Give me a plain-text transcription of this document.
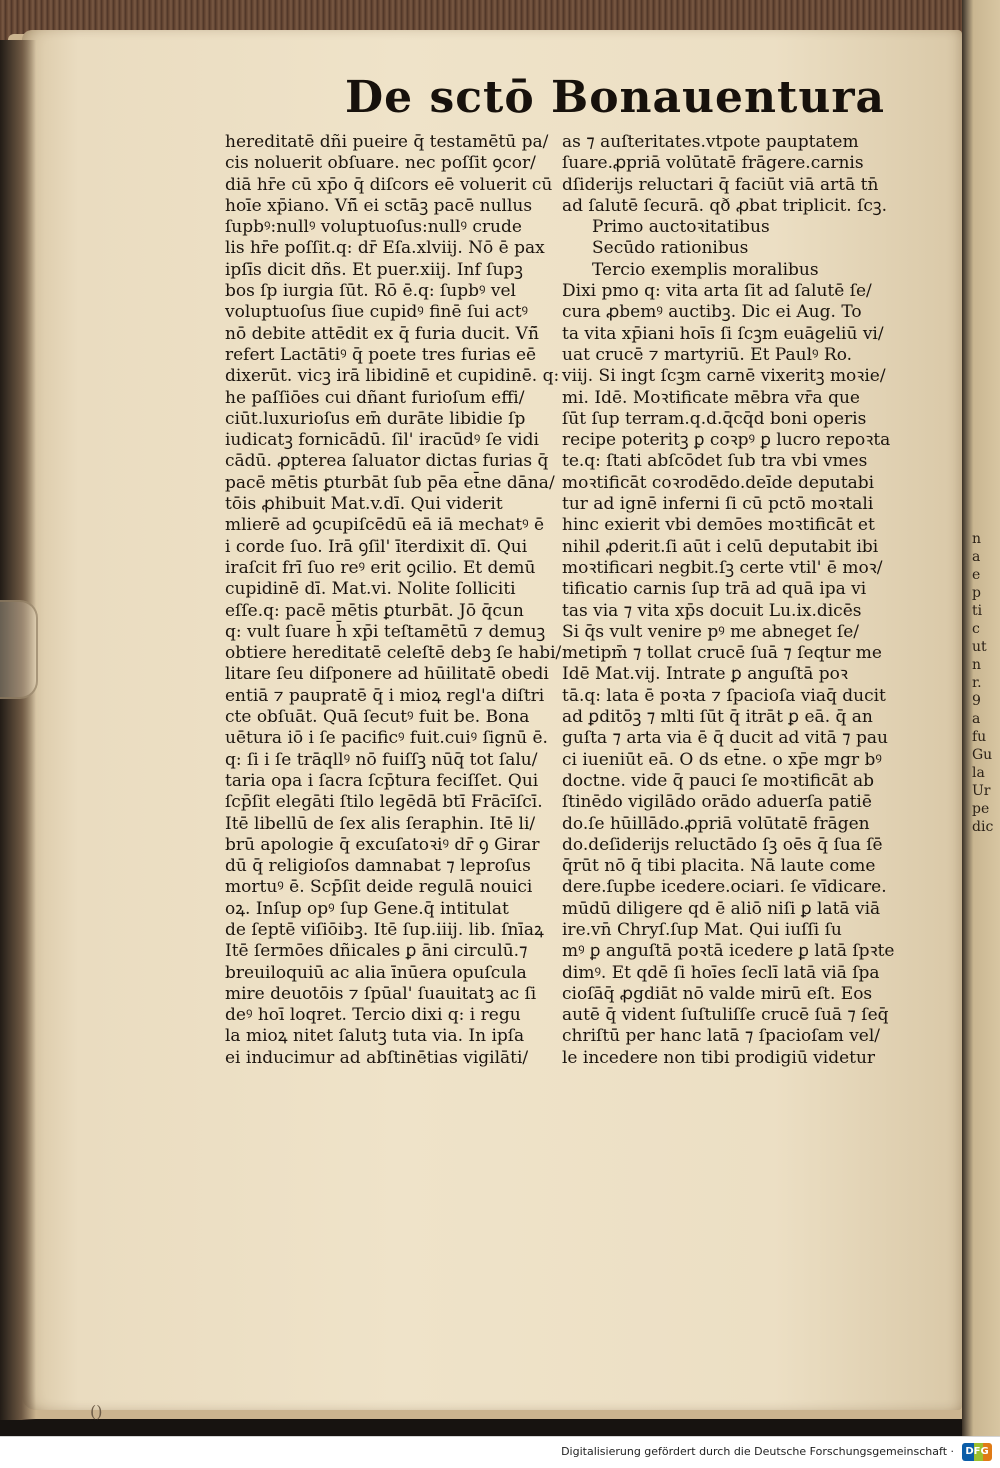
n
a
e
p
ti
c
ut
n
r.
9
a
fu
Gu
la
Ur
pe
dic
De sctō Bonauentura
hereditatē dñi pueire q̄ testamētū pa/
cis noluerit obſuare. nec poſſit ꝯcor/
diā hr̄e cū xp̄o q̄ diſcors eē voluerit cū
hoīe xp̄iano. Vñ̄ ei sctāꝫ pacē nullus
ſupbꝰ:nullꝰ voluptuoſus:nullꝰ crude
lis hr̄e poſſit.q: dr̄ Eſa.xlviij. Nō ē pax
ipſīs dicit dñs. Et puer.xiij. Inf ſupꝫ
bos ſp iurgia ſūt. Rō ē.q: ſupbꝰ vel
voluptuoſus ſiue cupidꝰ finē ſui actꝰ
nō debite attēdit ex q̄ furia ducit. Vñ̄
refert Lactātiꝰ q̄ poete tres furias eē
dixerūt. vicꝫ irā libidinē et cupidinē. q:
he paſſiōes cui dñant furioſum effi/
ciūt.luxurioſus em̄ durāte libidie ſp
iudicatꝫ fornicādū. ſil' iracūdꝰ ſe vidi
cādū. ꝓpterea ſaluator dictas furias q̄
pacē mētis ꝑturbāt ſub pēa et̄ne dāna/
tōis ꝓhibuit Mat.v.dī. Qui viderit
mlierē ad ꝯcupiſcēdū eā iā mechatꝰ ē
i corde ſuo. Irā ꝯſil' īterdixit dī. Qui
iraſcit frī ſuo reꝰ erit ꝯcilio. Et demū
cupidinē dī. Mat.vi. Nolite ſolliciti
eſſe.q: pacē mētis ꝑturbāt. Jō q̄cun
q: vult ſuare h̄ xp̄i teſtamētū ⁊ demuꝫ
obtiere hereditatē celeſtē debꝫ ſe habi/
litare ſeu diſponere ad hūilitatē obedi
entiā ⁊ paupratē q̄ i mioꝝ regl'a diſtri
cte obſuāt. Quā ſecutꝰ fuit be. Bona
uētura iō i ſe pacificꝰ fuit.cuiꝰ ſignū ē.
q: ſi i ſe trāqllꝰ nō fuiſſꝫ nūq̄ tot ſalu/
taria opa i ſacra ſcp̄tura feciſſet. Qui
ſcp̄ſit elegāti ſtilo legēdā btī Frācīſcī.
Itē libellū de ſex alis ſeraphin. Itē li/
brū apologie q̄ excuſatoꝛiꝰ dr̄ ꝯ Girar
dū q̄ religioſos damnabat ⁊ leproſus
mortuꝰ ē. Scp̄ſit deide regulā nouici
oꝝ. Inſup opꝰ ſup Gene.q̄ intitulat
de ſeptē viſiōibꝫ. Itē ſup.iiij. lib. ſnīaꝝ
Itē ſermōes dñicales ꝑ āni circulū.⁊
breuiloquiū ac alia īnūera opuſcula
mire deuotōis ⁊ ſpūal' ſuauitatꝫ ac ſi
deꝰ hoī loqret. Tercio dixi q: i regu
la mioꝝ nitet ſalutꝫ tuta via. In ipſa
ei inducimur ad abſtinētias vigilāti/
as ⁊ auſteritates.vtpote pauptatem
ſuare.ꝓpriā volūtatē frāgere.carnis
dſiderijs reluctari q̄ faciūt viā artā tn̄
ad ſalutē ſecurā. qð ꝓbat triplicit. ſcꝫ.
Primo auctoꝛitatibus
Secūdo rationibus
Tercio exemplis moralibus
Dixi pmo q: vita arta ſit ad ſalutē ſe/
cura ꝓbemꝰ auctibꝫ. Dic ei Aug. To
ta vita xp̄iani hoīs ſi ſcꝫm euāgeliū vi/
uat crucē ⁊ martyriū. Et Paulꝰ Ro.
viij. Si ingt ſcꝫm carnē vixeritꝫ moꝛie/
mi. Idē. Moꝛtificate mēbra vr̄a que
ſūt ſup terram.q.d.q̄cq̄d boni operis
recipe poteritꝫ ꝑ coꝛpꝰ ꝑ lucro repoꝛta
te.q: ſtati abſcōdet ſub tra vbi vmes
moꝛtificāt coꝛrodēdo.deīde deputabi
tur ad ignē inferni ſi cū pctō moꝛtali
hinc exierit vbi demōes moꝛtificāt et
nihil ꝓderit.ſi aūt i celū deputabit ibi
moꝛtificari negbit.ſꝫ certe vtil' ē moꝛ/
tificatio carnis ſup trā ad quā ipa vi
tas via ⁊ vita xp̄s docuit Lu.ix.dicēs
Si q̄s vult venire pꝰ me abneget ſe/
metipm̄ ⁊ tollat crucē ſuā ⁊ ſeqtur me
Idē Mat.vij. Intrate ꝑ anguſtā poꝛ
tā.q: lata ē poꝛta ⁊ ſpacioſa viaq̄ ducit
ad ꝑditōꝫ ⁊ mlti ſūt q̄ itrāt ꝑ eā. q̄ an
guſta ⁊ arta via ē q̄ ducit ad vitā ⁊ pau
ci iueniūt eā. O ds et̄ne. o xp̄e mgr bꝰ
doctne. vide q̄ pauci ſe moꝛtificāt ab
ſtinēdo vigilādo orādo aduerſa patiē
do.ſe hūillādo.ꝓpriā volūtatē frāgen
do.deſiderijs reluctādo ſꝫ oēs q̄ ſua ſē
q̄rūt nō q̄ tibi placita. Nā laute come
dere.ſupbe icedere.ociari. ſe vīdicare.
mūdū diligere qd ē aliō niſi ꝑ latā viā
ire.vn̄ Chryſ.ſup Mat. Qui iuſſi ſu
mꝰ ꝑ anguſtā poꝛtā icedere ꝑ latā ſpꝛte
dimꝰ. Et qdē ſi hoīes ſeclī latā viā ſpa
cioſāq̄ ꝓgdiāt nō valde mirū eſt. Eos
autē q̄ vident ſuſtuliſſe crucē ſuā ⁊ ſeq̄
chriſtū per hanc latā ⁊ ſpacioſam vel/
le incedere non tibi prodigiū videtur
()
Digitalisierung gefördert durch die Deutsche Forschungsgemeinschaft ·	DFG
